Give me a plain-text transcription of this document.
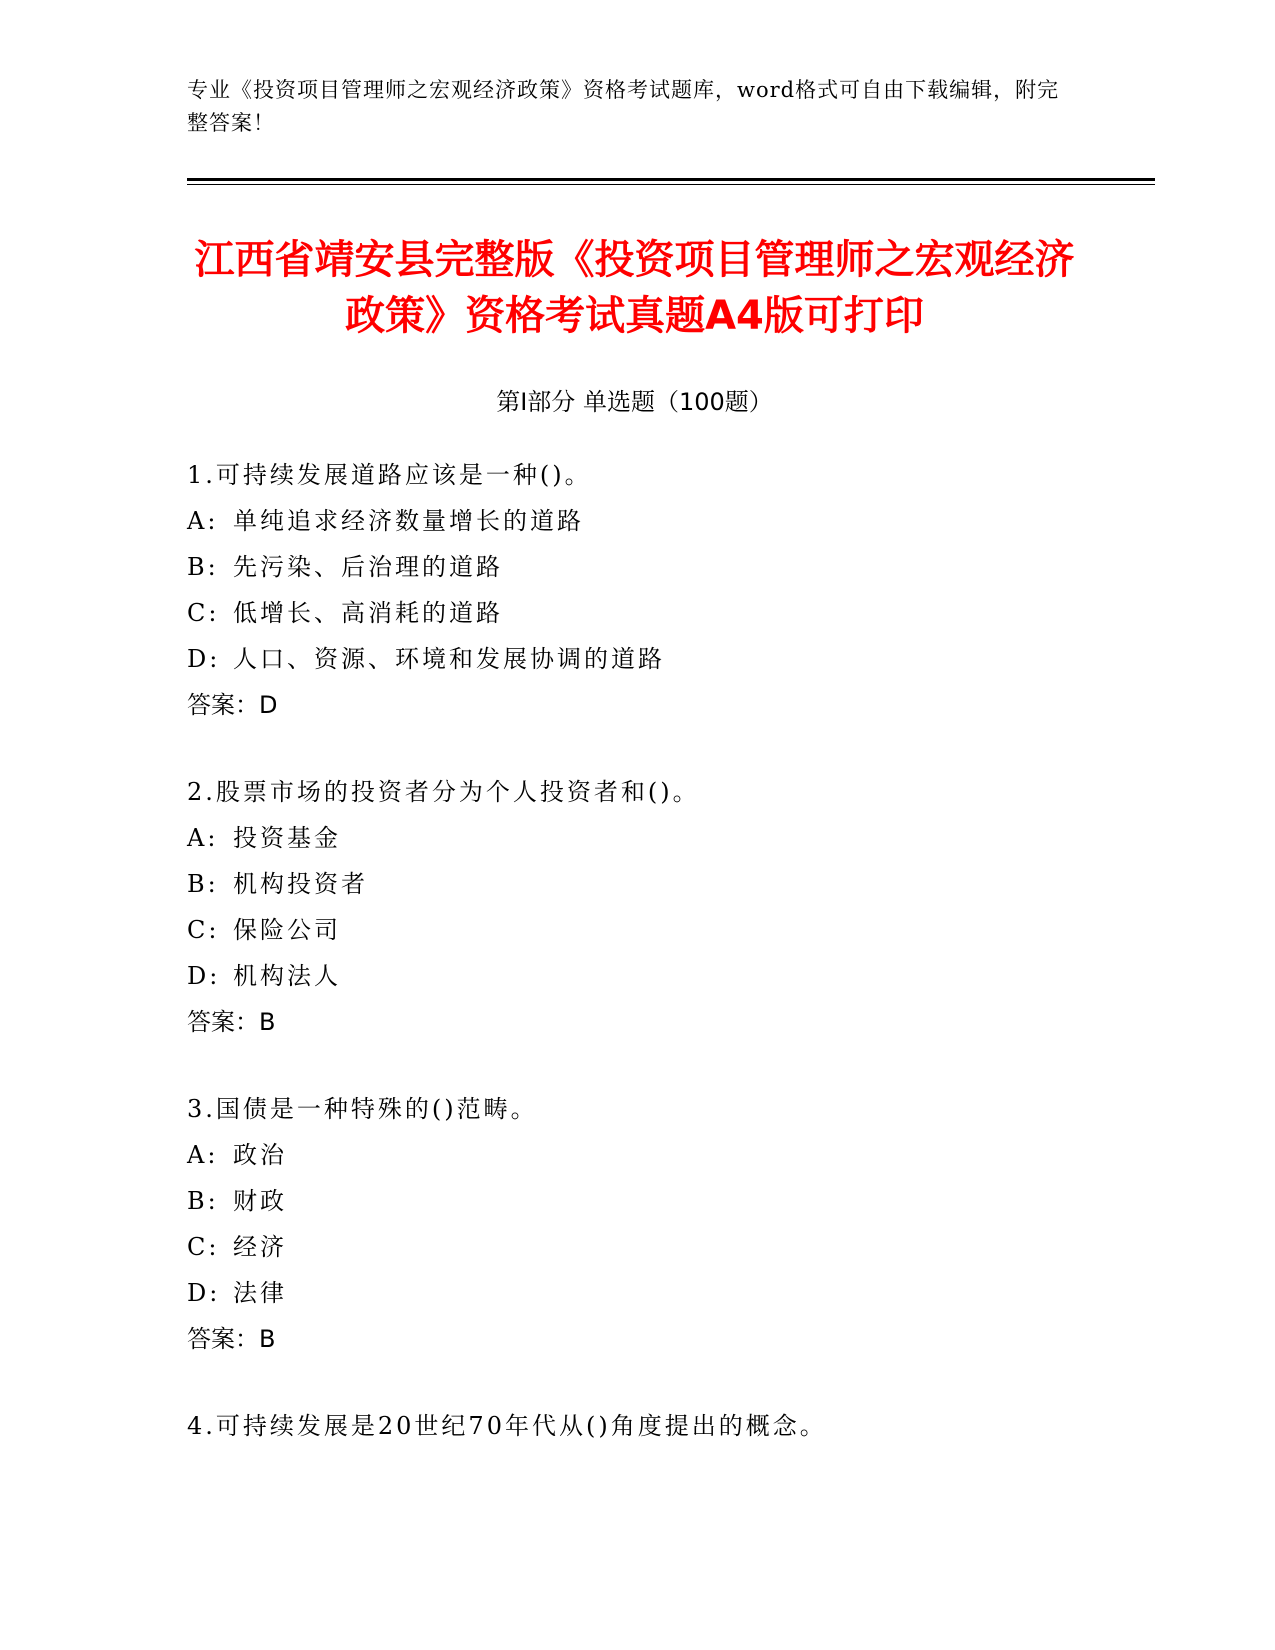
专业《投资项目管理师之宏观经济政策》资格考试题库，word格式可自由下载编辑，附完整答案！
江西省靖安县完整版《投资项目管理师之宏观经济政策》资格考试真题A4版可打印
第Ⅰ部分 单选题（100题）
1.可持续发展道路应该是一种()。
A: 单纯追求经济数量增长的道路
B: 先污染、后治理的道路
C: 低增长、高消耗的道路
D: 人口、资源、环境和发展协调的道路
答案：D
2.股票市场的投资者分为个人投资者和()。
A: 投资基金
B: 机构投资者
C: 保险公司
D: 机构法人
答案：B
3.国债是一种特殊的()范畴。
A: 政治
B: 财政
C: 经济
D: 法律
答案：B
4.可持续发展是20世纪70年代从()角度提出的概念。
